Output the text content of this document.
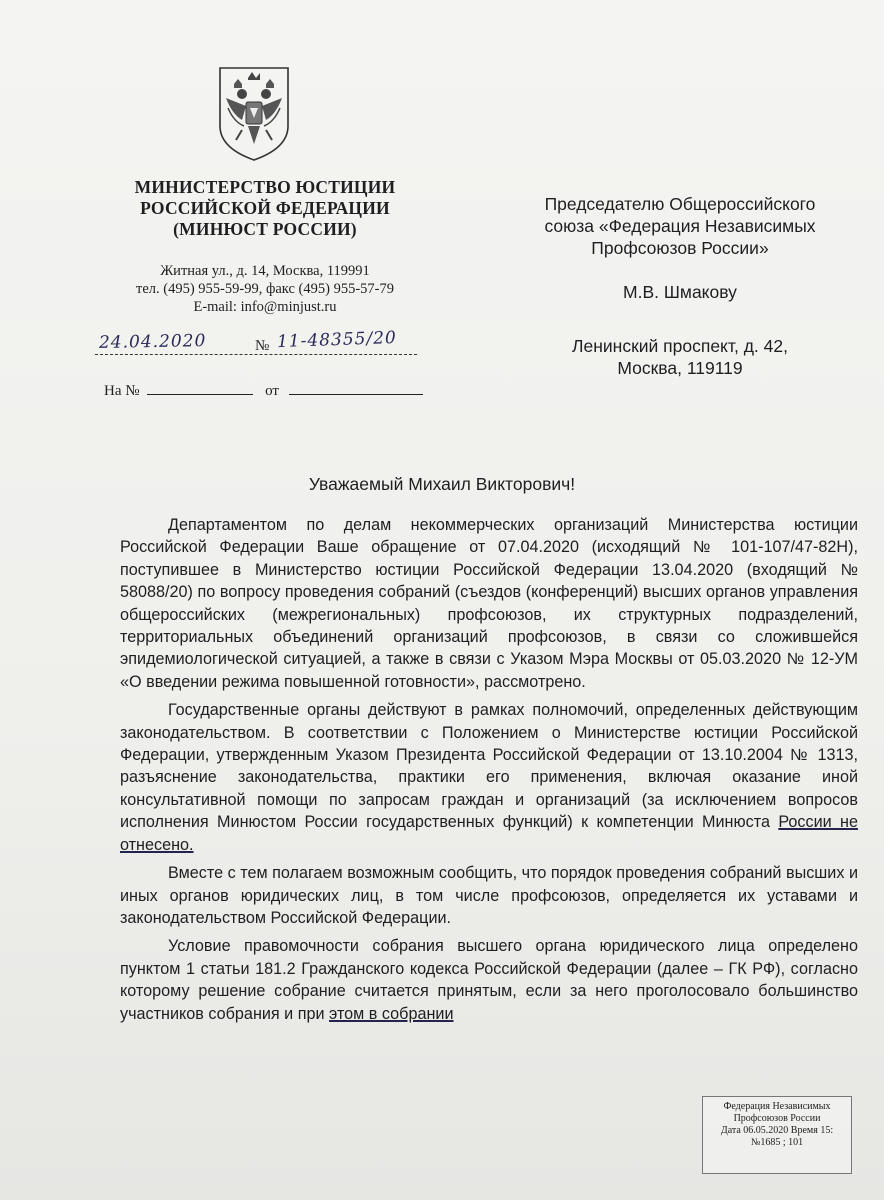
МИНИСТЕРСТВО ЮСТИЦИИ
РОССИЙСКОЙ ФЕДЕРАЦИИ
(МИНЮСТ РОССИИ)
Житная ул., д. 14, Москва, 119991
тел. (495) 955-59-99, факс (495) 955-57-79
E-mail: info@minjust.ru
24.04.2020	№ 11-48355/20
На №	от
Председателю Общероссийского
союза «Федерация Независимых
Профсоюзов России»
М.В. Шмакову
Ленинский проспект, д. 42,
Москва, 119119
Уважаемый Михаил Викторович!

Департаментом по делам некоммерческих организаций Министерства юстиции Российской Федерации Ваше обращение от 07.04.2020 (исходящий № 101-107/47-82Н), поступившее в Министерство юстиции Российской Федерации 13.04.2020 (входящий № 58088/20) по вопросу проведения собраний (съездов (конференций) высших органов управления общероссийских (межрегиональных) профсоюзов, их структурных подразделений, территориальных объединений организаций профсоюзов, в связи со сложившейся эпидемиологической ситуацией, а также в связи с Указом Мэра Москвы от 05.03.2020 № 12-УМ «О введении режима повышенной готовности», рассмотрено.

Государственные органы действуют в рамках полномочий, определенных действующим законодательством. В соответствии с Положением о Министерстве юстиции Российской Федерации, утвержденным Указом Президента Российской Федерации от 13.10.2004 № 1313, разъяснение законодательства, практики его применения, включая оказание иной консультативной помощи по запросам граждан и организаций (за исключением вопросов исполнения Минюстом России государственных функций) к компетенции Минюста России не отнесено.

Вместе с тем полагаем возможным сообщить, что порядок проведения собраний высших и иных органов юридических лиц, в том числе профсоюзов, определяется их уставами и законодательством Российской Федерации.

Условие правомочности собрания высшего органа юридического лица определено пунктом 1 статьи 181.2 Гражданского кодекса Российской Федерации (далее – ГК РФ), согласно которому решение собрание считается принятым, если за него проголосовало большинство участников собрания и при этом в собрании

Федерация Независимых
Профсоюзов России
Дата 06.05.2020 Время 15:
№1685 ; 101
